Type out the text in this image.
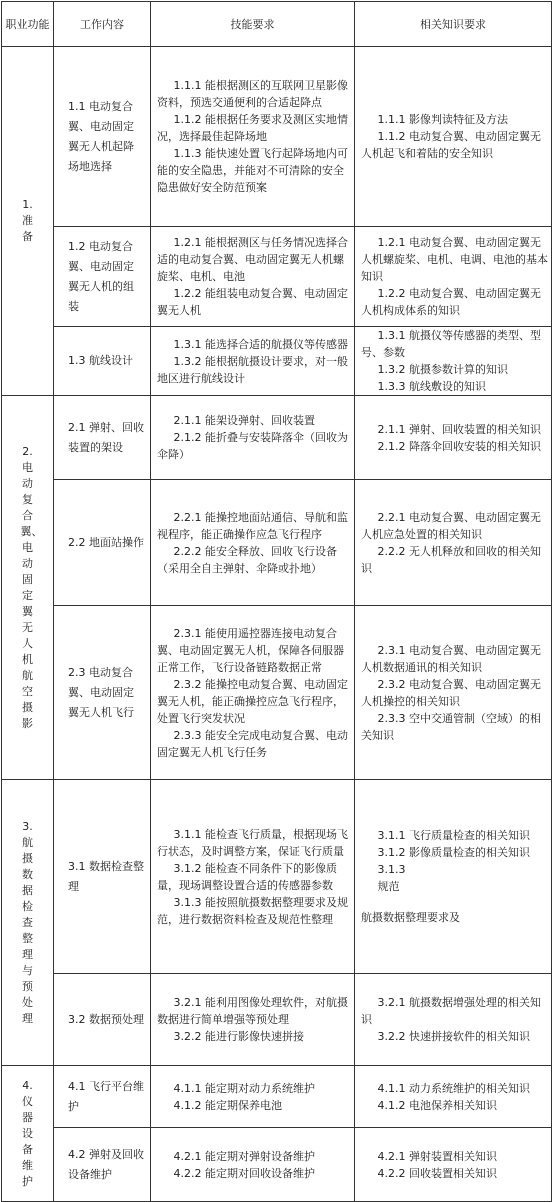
职业功能	工作内容	技能要求	相关知识要求
1. 准备	1.1 电动复合翼、电动固定翼无人机起降场地选择	1.1.1 能根据测区的互联网卫星影像资料，预选交通便利的合适起降点
1.1.2 能根据任务要求及测区实地情况，选择最佳起降场地
1.1.3 能快速处置飞行起降场地内可能的安全隐患，并能对不可清除的安全隐患做好安全防范预案	1.1.1 影像判读特征及方法
1.1.2 电动复合翼、电动固定翼无人机起飞和着陆的安全知识

	1.2 电动复合翼、电动固定翼无人机的组装	1.2.1 能根据测区与任务情况选择合适的电动复合翼、电动固定翼无人机螺旋桨、电机、电池
1.2.2 能组装电动复合翼、电动固定翼无人机	1.2.1 电动复合翼、电动固定翼无人机螺旋桨、电机、电调、电池的基本知识
1.2.2 电动复合翼、电动固定翼无人机构成体系的知识

	1.3 航线设计	1.3.1 能选择合适的航摄仪等传感器
1.3.2 能根据航摄设计要求，对一般地区进行航线设计	1.3.1 航摄仪等传感器的类型、型号、参数
1.3.2 航摄参数计算的知识
1.3.3 航线敷设的知识

2. 电动复合翼、电动固定翼无人机航空摄影	2.1 弹射、回收装置的架设	2.1.1 能架设弹射、回收装置
2.1.2 能折叠与安装降落伞（回收为伞降）	2.1.1 弹射、回收装置的相关知识
2.1.2 降落伞回收安装的相关知识

	2.2 地面站操作	2.2.1 能操控地面站通信、导航和监视程序，能正确操作应急飞行程序
2.2.2 能安全释放、回收飞行设备（采用全自主弹射、伞降或扑地）	2.2.1 电动复合翼、电动固定翼无人机应急处置的相关知识
2.2.2 无人机释放和回收的相关知识

	2.3 电动复合翼、电动固定翼无人机飞行	2.3.1 能使用遥控器连接电动复合翼、电动固定翼无人机，保障各伺服器正常工作，飞行设备链路数据正常
2.3.2 能操控电动复合翼、电动固定翼无人机，能正确操控应急飞行程序，处置飞行突发状况
2.3.3 能安全完成电动复合翼、电动固定翼无人机飞行任务	2.3.1 电动复合翼、电动固定翼无人机数据通讯的相关知识
2.3.2 电动复合翼、电动固定翼无人机操控的相关知识
2.3.3 空中交通管制（空域）的相关知识

3. 航摄数据检查整理与预处理	3.1 数据检查整理	3.1.1 能检查飞行质量，根据现场飞行状态，及时调整方案，保证飞行质量
3.1.2 能检查不同条件下的影像质量，现场调整设置合适的传感器参数
3.1.3 能按照航摄数据整理要求及规范，进行数据资料检查及规范性整理	3.1.1 飞行质量检查的相关知识
3.1.2 影像质量检查的相关知识
3.1.3
规范
航摄数据整理要求及

	3.2 数据预处理	3.2.1 能利用图像处理软件，对航摄数据进行简单增强等预处理
3.2.2 能进行影像快速拼接	3.2.1 航摄数据增强处理的相关知识
3.2.2 快速拼接软件的相关知识

4. 仪器设备维护	4.1 飞行平台维护	4.1.1 能定期对动力系统维护
4.1.2 能定期保养电池	4.1.1 动力系统维护的相关知识
4.1.2 电池保养相关知识

	4.2 弹射及回收设备维护	4.2.1 能定期对弹射设备维护
4.2.2 能定期对回收设备维护	4.2.1 弹射装置相关知识
4.2.2 回收装置相关知识
